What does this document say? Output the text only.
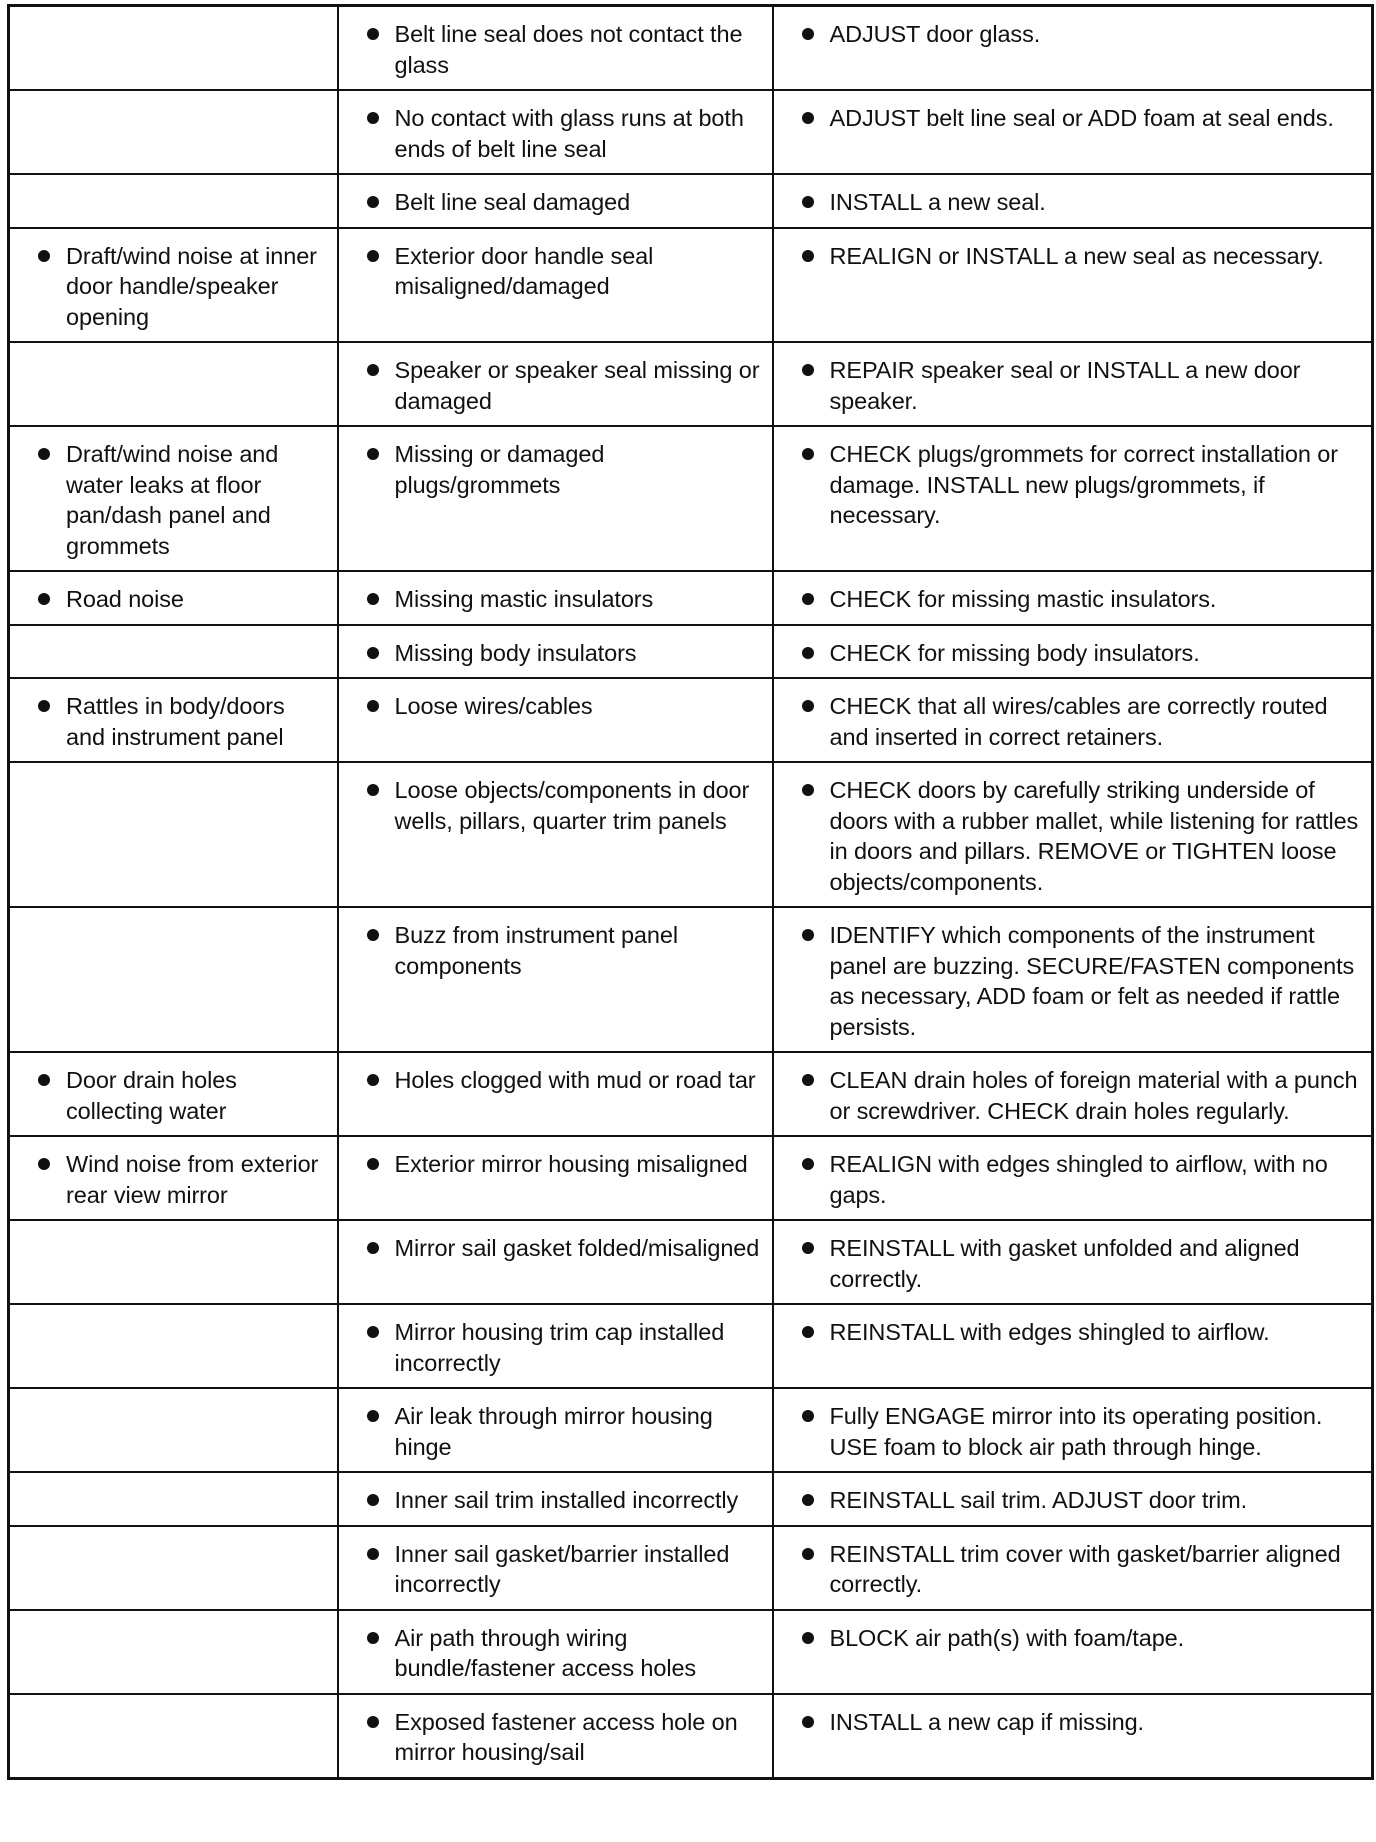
	Belt line seal does not contact the glass	ADJUST door glass.

	No contact with glass runs at both ends of belt line seal	ADJUST belt line seal or ADD foam at seal ends.

	Belt line seal damaged	INSTALL a new seal.

Draft/wind noise at inner door handle/speaker opening	Exterior door handle seal misaligned/damaged	REALIGN or INSTALL a new seal as necessary.

	Speaker or speaker seal missing or damaged	REPAIR speaker seal or INSTALL a new door speaker.

Draft/wind noise and water leaks at floor pan/dash panel and grommets	Missing or damaged plugs/grommets	CHECK plugs/grommets for correct installation or damage. INSTALL new plugs/grommets, if necessary.

Road noise	Missing mastic insulators	CHECK for missing mastic insulators.

	Missing body insulators	CHECK for missing body insulators.

Rattles in body/doors and instrument panel	Loose wires/cables	CHECK that all wires/cables are correctly routed and inserted in correct retainers.

	Loose objects/components in door wells, pillars, quarter trim panels	CHECK doors by carefully striking underside of doors with a rubber mallet, while listening for rattles in doors and pillars. REMOVE or TIGHTEN loose objects/components.

	Buzz from instrument panel components	IDENTIFY which components of the instrument panel are buzzing. SECURE/FASTEN components as necessary, ADD foam or felt as needed if rattle persists.

Door drain holes collecting water	Holes clogged with mud or road tar	CLEAN drain holes of foreign material with a punch or screwdriver. CHECK drain holes regularly.

Wind noise from exterior rear view mirror	Exterior mirror housing misaligned	REALIGN with edges shingled to airflow, with no gaps.

	Mirror sail gasket folded/misaligned	REINSTALL with gasket unfolded and aligned correctly.

	Mirror housing trim cap installed incorrectly	REINSTALL with edges shingled to airflow.

	Air leak through mirror housing hinge	Fully ENGAGE mirror into its operating position. USE foam to block air path through hinge.

	Inner sail trim installed incorrectly	REINSTALL sail trim. ADJUST door trim.

	Inner sail gasket/barrier installed incorrectly	REINSTALL trim cover with gasket/barrier aligned correctly.

	Air path through wiring bundle/fastener access holes	BLOCK air path(s) with foam/tape.

	Exposed fastener access hole on mirror housing/sail	INSTALL a new cap if missing.
